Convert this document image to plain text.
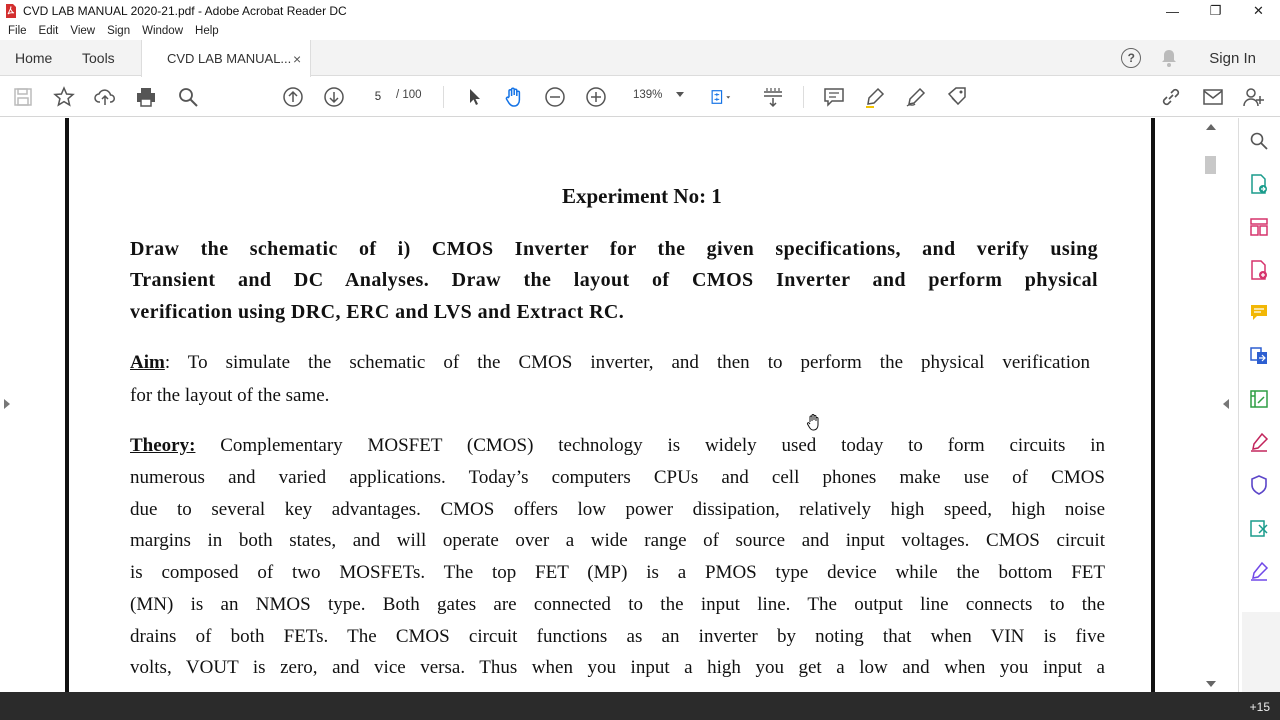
CVD LAB MANUAL 2020-21.pdf - Adobe Acrobat Reader DC	—	❐	✕
File Edit View Sign Window Help
Home Tools	CVD LAB MANUAL... ×	?	Sign In
5
/ 100	139%
Experiment No: 1
Draw the schematic of i) CMOS Inverter for the given specifications, and verify using
Transient and DC Analyses. Draw the layout of CMOS Inverter and perform physical
verification using DRC, ERC and LVS and Extract RC.
Aim: To simulate the schematic of the CMOS inverter, and then to perform the physical verification
for the layout of the same.
Theory: Complementary MOSFET (CMOS) technology is widely used today to form circuits in
numerous and varied applications. Today’s computers CPUs and cell phones make use of CMOS
due to several key advantages. CMOS offers low power dissipation, relatively high speed, high noise
margins in both states, and will operate over a wide range of source and input voltages. CMOS circuit
is composed of two MOSFETs. The top FET (MP) is a PMOS type device while the bottom FET
(MN) is an NMOS type. Both gates are connected to the input line. The output line connects to the
drains of both FETs. The CMOS circuit functions as an inverter by noting that when VIN is five
volts, VOUT is zero, and vice versa. Thus when you input a high you get a low and when you input a
+15
